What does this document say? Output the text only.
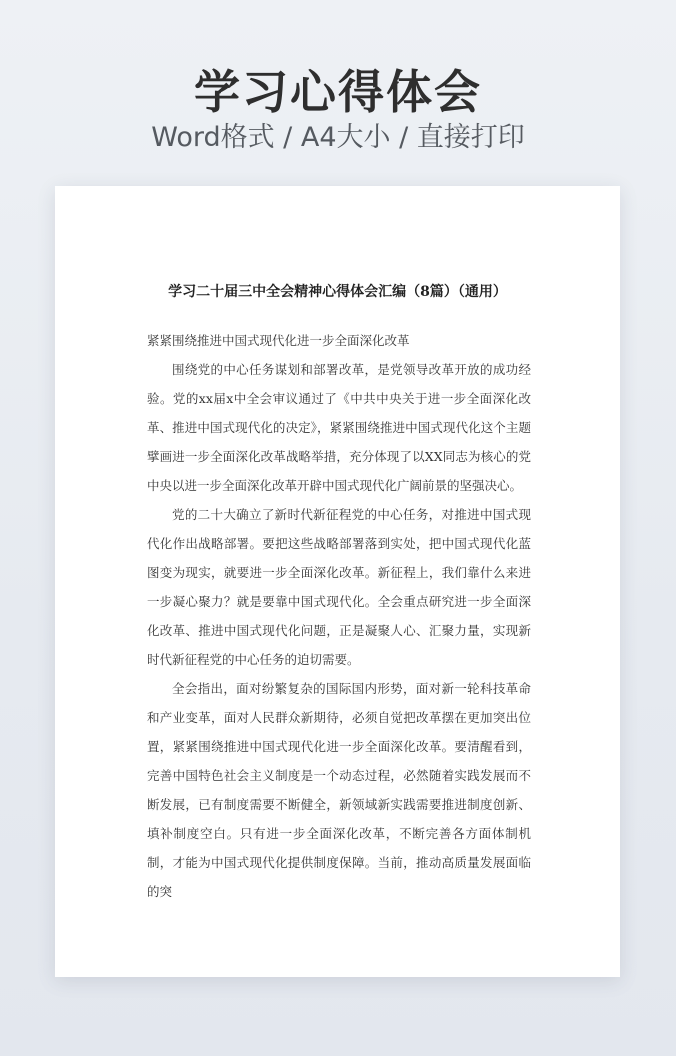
学习心得体会
Word格式 / A4大小 / 直接打印
学习二十届三中全会精神心得体会汇编（8篇）（通用）

紧紧围绕推进中国式现代化进一步全面深化改革

围绕党的中心任务谋划和部署改革，是党领导改革开放的成功经验。党的xx届x中全会审议通过了《中共中央关于进一步全面深化改革、推进中国式现代化的决定》，紧紧围绕推进中国式现代化这个主题擘画进一步全面深化改革战略举措，充分体现了以XX同志为核心的党中央以进一步全面深化改革开辟中国式现代化广阔前景的坚强决心。

党的二十大确立了新时代新征程党的中心任务，对推进中国式现代化作出战略部署。要把这些战略部署落到实处，把中国式现代化蓝图变为现实，就要进一步全面深化改革。新征程上，我们靠什么来进一步凝心聚力？就是要靠中国式现代化。全会重点研究进一步全面深化改革、推进中国式现代化问题，正是凝聚人心、汇聚力量，实现新时代新征程党的中心任务的迫切需要。

全会指出，面对纷繁复杂的国际国内形势，面对新一轮科技革命和产业变革，面对人民群众新期待，必须自觉把改革摆在更加突出位置，紧紧围绕推进中国式现代化进一步全面深化改革。要清醒看到，完善中国特色社会主义制度是一个动态过程，必然随着实践发展而不断发展，已有制度需要不断健全，新领域新实践需要推进制度创新、填补制度空白。只有进一步全面深化改革，不断完善各方面体制机制，才能为中国式现代化提供制度保障。当前，推动高质量发展面临的突
